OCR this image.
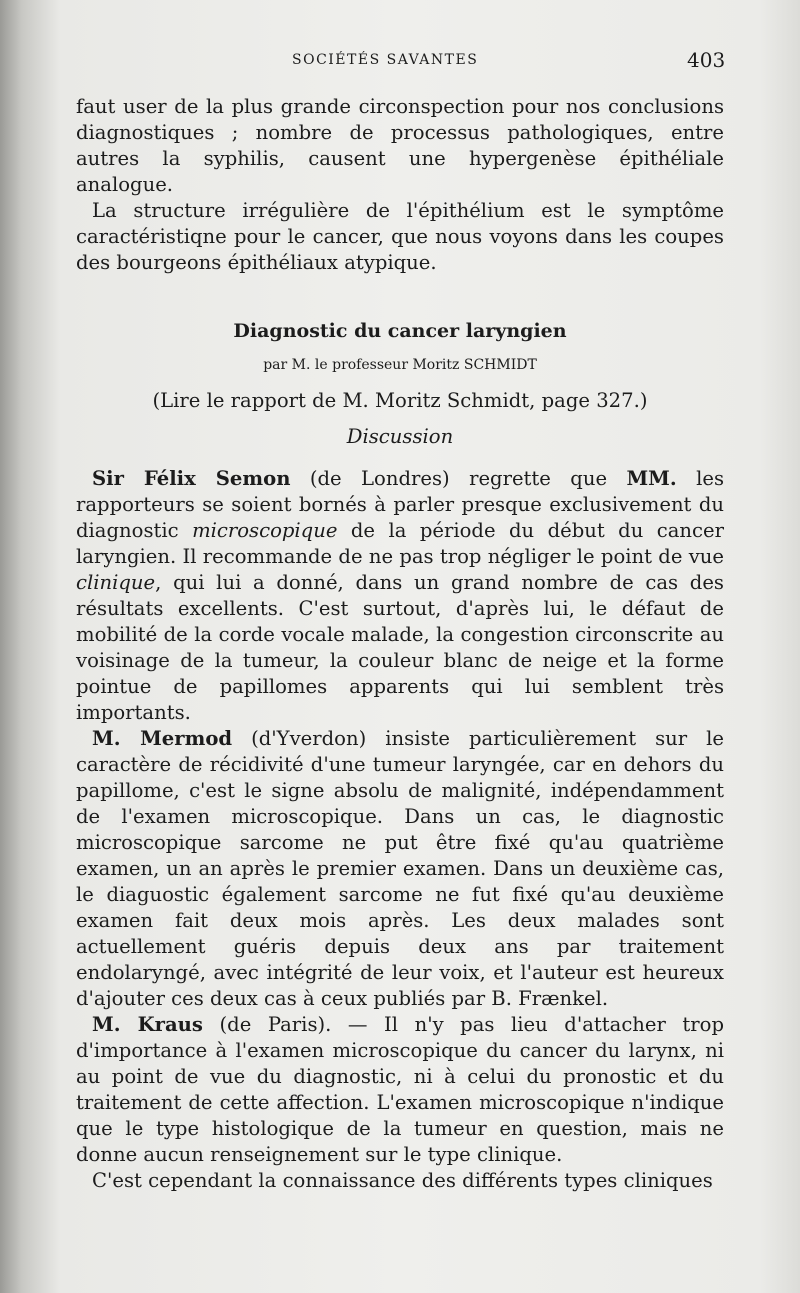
SOCIÉTÉS SAVANTES	403

faut user de la plus grande circonspection pour nos conclusions diagnostiques ; nombre de processus pathologiques, entre autres la syphilis, causent une hypergenèse épithéliale analogue.

La structure irrégulière de l'épithélium est le symptôme caractéristiqne pour le cancer, que nous voyons dans les coupes des bourgeons épithéliaux atypique.

Diagnostic du cancer laryngien

par M. le professeur Moritz SCHMIDT

(Lire le rapport de M. Moritz Schmidt, page 327.)

Discussion

Sir Félix Semon (de Londres) regrette que MM. les rapporteurs se soient bornés à parler presque exclusivement du diagnostic microscopique de la période du début du cancer laryngien. Il recommande de ne pas trop négliger le point de vue clinique, qui lui a donné, dans un grand nombre de cas des résultats excellents. C'est surtout, d'après lui, le défaut de mobilité de la corde vocale malade, la congestion circonscrite au voisinage de la tumeur, la couleur blanc de neige et la forme pointue de papillomes apparents qui lui semblent très importants.

M. Mermod (d'Yverdon) insiste particulièrement sur le caractère de récidivité d'une tumeur laryngée, car en dehors du papillome, c'est le signe absolu de malignité, indépendamment de l'examen microscopique. Dans un cas, le diagnostic microscopique sarcome ne put être fixé qu'au quatrième examen, un an après le premier examen. Dans un deuxième cas, le diaguostic également sarcome ne fut fixé qu'au deuxième examen fait deux mois après. Les deux malades sont actuellement guéris depuis deux ans par traitement endolaryngé, avec intégrité de leur voix, et l'auteur est heureux d'ajouter ces deux cas à ceux publiés par B. Frænkel.

M. Kraus (de Paris). — Il n'y pas lieu d'attacher trop d'importance à l'examen microscopique du cancer du larynx, ni au point de vue du diagnostic, ni à celui du pronostic et du traitement de cette affection. L'examen microscopique n'indique que le type histologique de la tumeur en question, mais ne donne aucun renseignement sur le type clinique.

C'est cependant la connaissance des différents types cliniques
